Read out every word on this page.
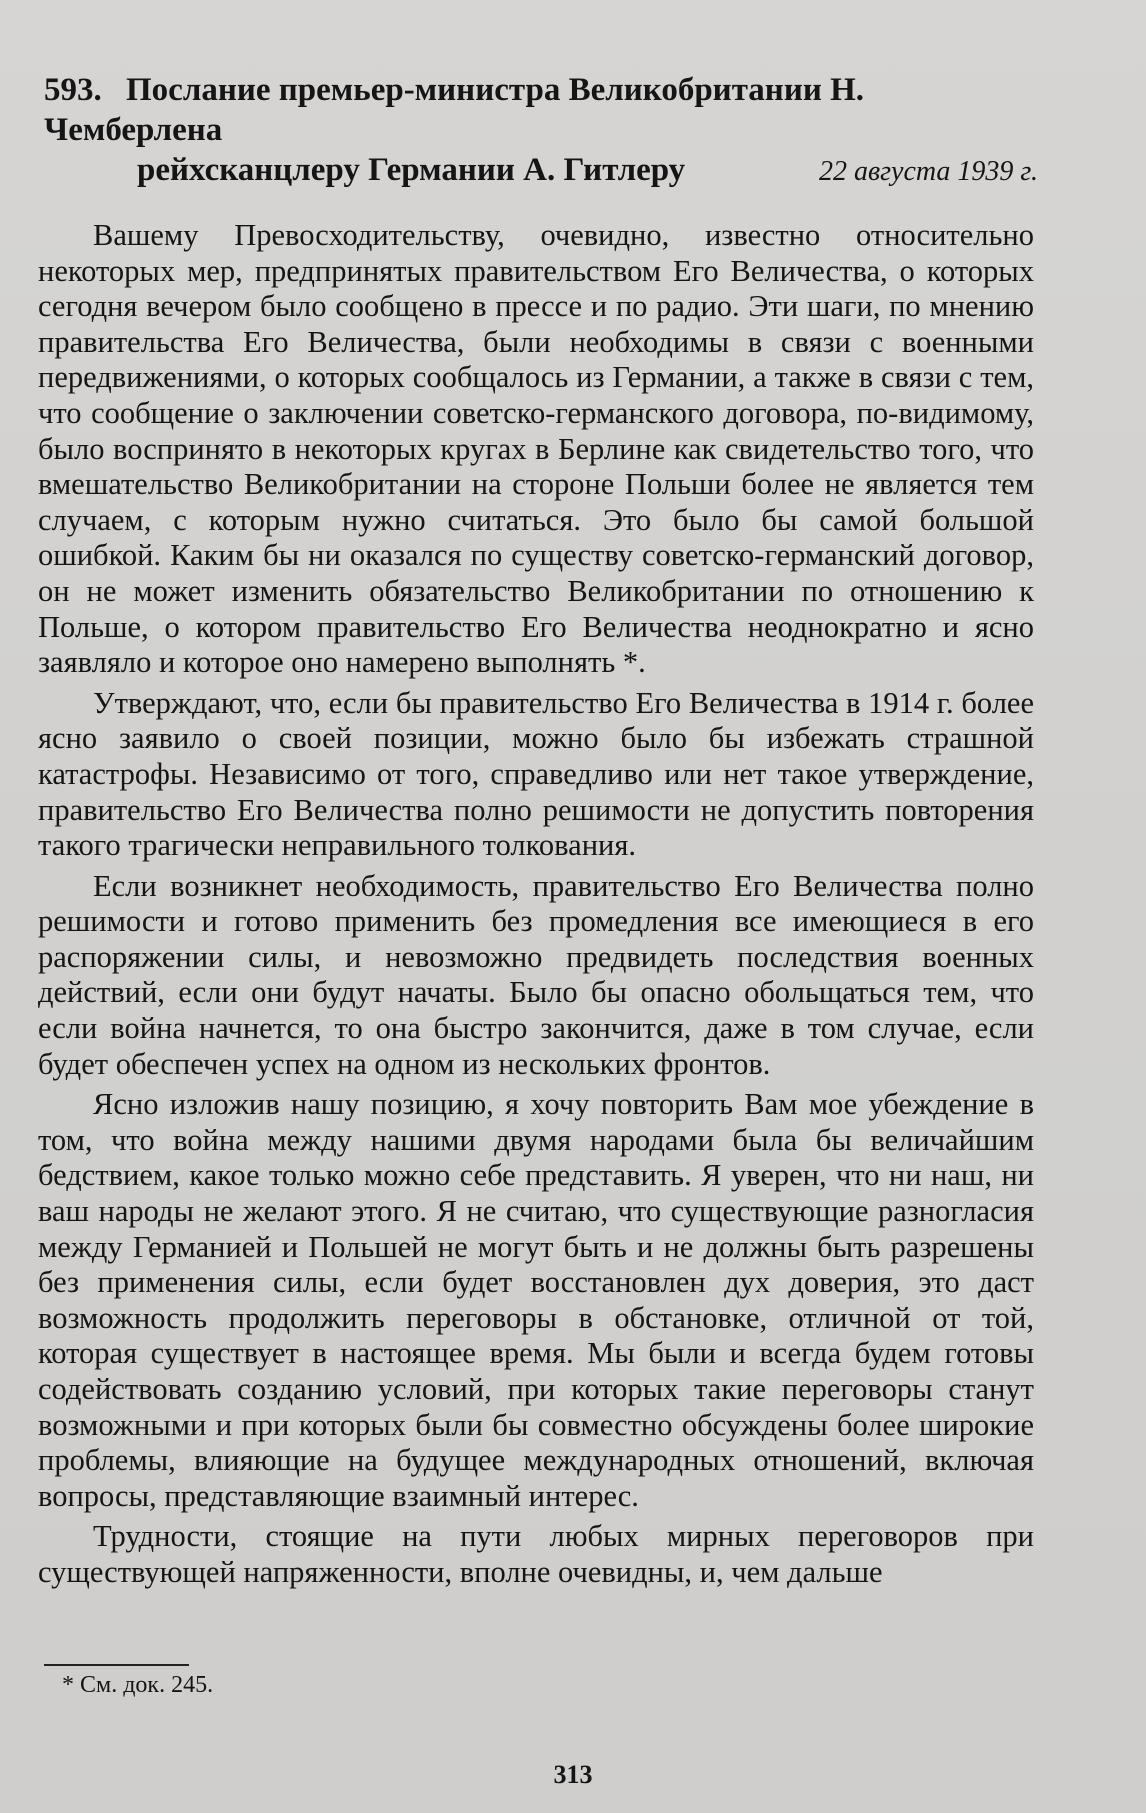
593. Послание премьер-министра Великобритании Н. Чемберлена
рейхсканцлеру Германии А. Гитлеру	22 августа 1939 г.

Вашему Превосходительству, очевидно, известно относительно некоторых мер, предпринятых правительством Его Величества, о которых сегодня вечером было сообщено в прессе и по радио. Эти шаги, по мнению правительства Его Величества, были необходимы в связи с военными передвижениями, о которых сообщалось из Германии, а также в связи с тем, что сообщение о заключении советско-германского договора, по-видимому, было воспринято в некоторых кругах в Берлине как свидетельство того, что вмешательство Великобритании на стороне Польши более не является тем случаем, с которым нужно считаться. Это было бы самой большой ошибкой. Каким бы ни оказался по существу советско-германский договор, он не может изменить обязательство Великобритании по отношению к Польше, о котором правительство Его Величества неоднократно и ясно заявляло и которое оно намерено выполнять *.

Утверждают, что, если бы правительство Его Величества в 1914 г. более ясно заявило о своей позиции, можно было бы избежать страшной катастрофы. Независимо от того, справедливо или нет такое утверждение, правительство Его Величества полно решимости не допустить повторения такого трагически неправильного толкования.

Если возникнет необходимость, правительство Его Величества полно решимости и готово применить без промедления все имеющиеся в его распоряжении силы, и невозможно предвидеть последствия военных действий, если они будут начаты. Было бы опасно обольщаться тем, что если война начнется, то она быстро закончится, даже в том случае, если будет обеспечен успех на одном из нескольких фронтов.

Ясно изложив нашу позицию, я хочу повторить Вам мое убеждение в том, что война между нашими двумя народами была бы величайшим бедствием, какое только можно себе представить. Я уверен, что ни наш, ни ваш народы не желают этого. Я не считаю, что существующие разногласия между Германией и Польшей не могут быть и не должны быть разрешены без применения силы, если будет восстановлен дух доверия, это даст возможность продолжить переговоры в обстановке, отличной от той, которая существует в настоящее время. Мы были и всегда будем готовы содействовать созданию условий, при которых такие переговоры станут возможными и при которых были бы совместно обсуждены более широкие проблемы, влияющие на будущее международных отношений, включая вопросы, представляющие взаимный интерес.

Трудности, стоящие на пути любых мирных переговоров при существующей напряженности, вполне очевидны, и, чем дальше

* См. док. 245.
313
